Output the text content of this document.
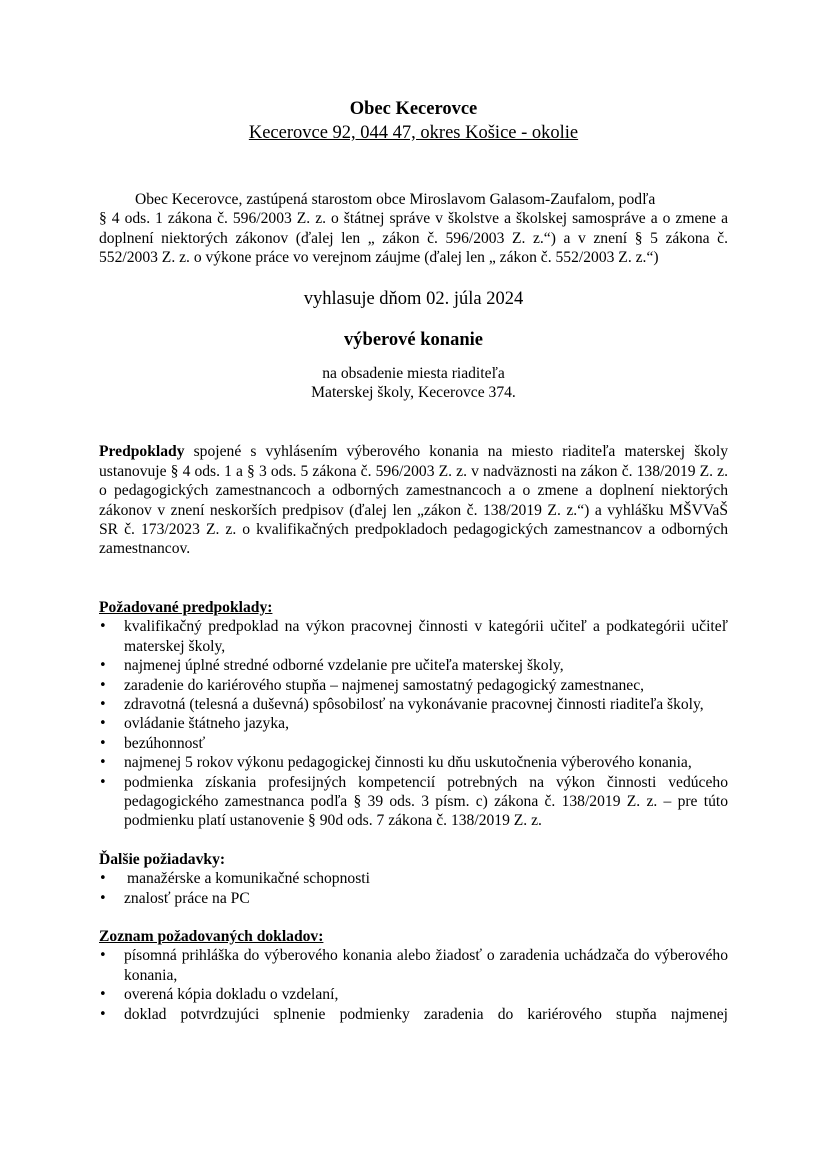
Obec Kecerovce
Kecerovce 92, 044 47, okres Košice - okolie

Obec Kecerovce, zastúpená starostom obce Miroslavom Galasom-Zaufalom, podľa

§ 4 ods. 1 zákona č. 596/2003 Z. z. o štátnej správe v školstve a školskej samospráve a o zmene a doplnení niektorých zákonov (ďalej len „ zákon č. 596/2003 Z. z.“) a v znení § 5 zákona č. 552/2003 Z. z. o výkone práce vo verejnom záujme (ďalej len „ zákon č. 552/2003 Z. z.“)

vyhlasuje dňom 02. júla 2024
výberové konanie
na obsadenie miesta riaditeľa
Materskej školy, Kecerovce 374.

Predpoklady spojené s vyhlásením výberového konania na miesto riaditeľa materskej školy ustanovuje § 4 ods. 1 a § 3 ods. 5 zákona č. 596/2003 Z. z. v nadväznosti na zákon č. 138/2019 Z. z. o pedagogických zamestnancoch a odborných zamestnancoch a o zmene a doplnení niektorých zákonov v znení neskorších predpisov (ďalej len „zákon č. 138/2019 Z. z.“) a vyhlášku MŠVVaŠ SR č. 173/2023 Z. z. o kvalifikačných predpokladoch pedagogických zamestnancov a odborných zamestnancov.

Požadované predpoklady:
• kvalifikačný predpoklad na výkon pracovnej činnosti v kategórii učiteľ a podkategórii učiteľ materskej školy,
• najmenej úplné stredné odborné vzdelanie pre učiteľa materskej školy,
• zaradenie do kariérového stupňa – najmenej samostatný pedagogický zamestnanec,
• zdravotná (telesná a duševná) spôsobilosť na vykonávanie pracovnej činnosti riaditeľa školy,
• ovládanie štátneho jazyka,
• bezúhonnosť
• najmenej 5 rokov výkonu pedagogickej činnosti ku dňu uskutočnenia výberového konania,
• podmienka získania profesijných kompetencií potrebných na výkon činnosti vedúceho pedagogického zamestnanca podľa § 39 ods. 3 písm. c) zákona č. 138/2019 Z. z. – pre túto podmienku platí ustanovenie § 90d ods. 7 zákona č. 138/2019 Z. z.
Ďalšie požiadavky:
• manažérske a komunikačné schopnosti
• znalosť práce na PC
Zoznam požadovaných dokladov:
• písomná prihláška do výberového konania alebo žiadosť o zaradenia uchádzača do výberového konania,
• overená kópia dokladu o vzdelaní,
• doklad potvrdzujúci splnenie podmienky zaradenia do kariérového stupňa najmenej
